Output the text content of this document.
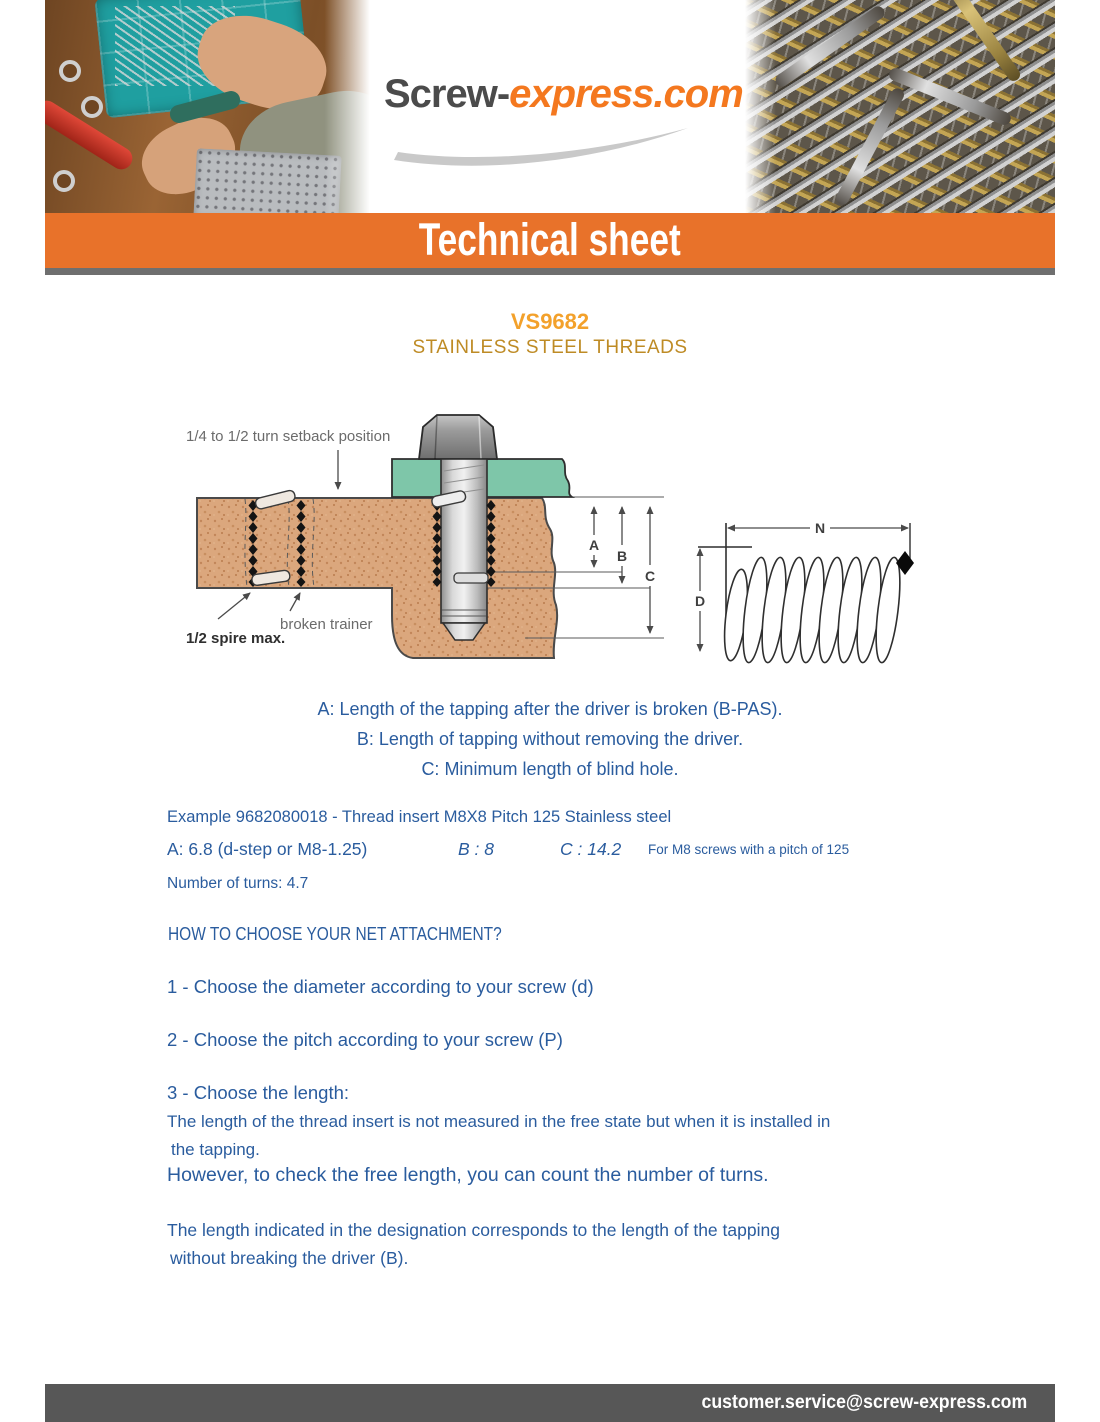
Screw-express.com
Technical sheet
VS9682
STAINLESS STEEL THREADS
A
B
C
N
D
1/4 to 1/2 turn setback position
1/2 spire max.
broken trainer
A: Length of the tapping after the driver is broken (B-PAS).
B: Length of tapping without removing the driver.
C: Minimum length of blind hole.
Example 9682080018 - Thread insert M8X8 Pitch 125 Stainless steel
A: 6.8 (d-step or M8-1.25)	B : 8	C : 14.2 For M8 screws with a pitch of 125
Number of turns: 4.7
HOW TO CHOOSE YOUR NET ATTACHMENT?
1 - Choose the diameter according to your screw (d)
2 - Choose the pitch according to your screw (P)
3 - Choose the length:
The length of the thread insert is not measured in the free state but when it is installed in
the tapping.
However, to check the free length, you can count the number of turns.
The length indicated in the designation corresponds to the length of the tapping
without breaking the driver (B).
customer.service@screw-express.com
